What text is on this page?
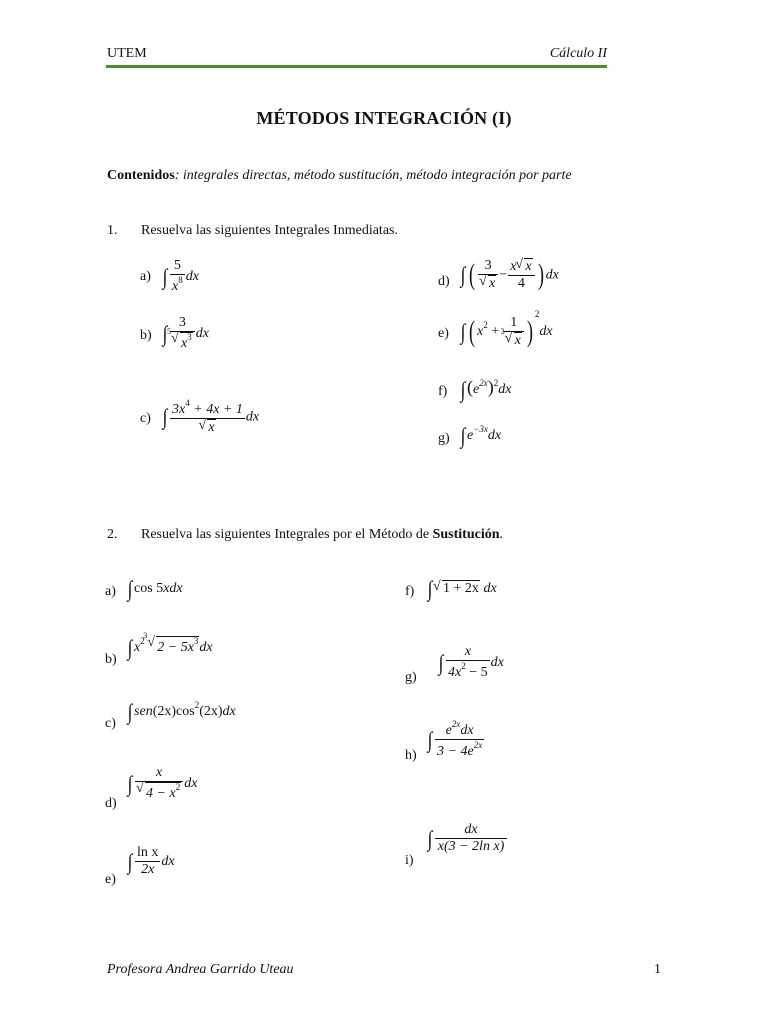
UTEM	Cálculo II
MÉTODOS INTEGRACIÓN (I)
Contenidos: integrales directas, método sustitución, método integración por parte
1. Resuelva las siguientes Integrales Inmediatas.
a) ∫ $\frac{5}{x^8}$ dx
b) ∫ 3
√ 5
$x^3$ dx
c) ∫ $3x^4 + 4x + 1$
√ x dx
d) ∫ ( 3
√ $x - \frac{x √ x}{4}$ ) dx
e) ∫ ( $x^2 + 1$
√ 3
x )$^2$dx
f) $\int(e^{2x})^2dx$
g) ∫ $e^{-3x}dx$
2. Resuelva las siguientes Integrales por el Método de Sustitución.
a) ∫ cos 5xdx
b) ∫ $x^2$
√ 3
$2 - 5x^3dx$
c) ∫ $sen(2x)\cos^2(2x)dx$
d)
∫ x
√ $4 - x^2$ dx
e)
∫ $\frac{\text{ln x}}{2x}$ dx
f) ∫ √ 1 + 2x dx
g)
∫ $\frac{x}{4x^2 - 5}$ dx
h)
∫ $\frac{e^{2x}dx}{3 - 4e^{2x}}$
i)
∫ $\frac{dx}{\text{x(3 − 2ln x)}}$
Profesora Andrea Garrido Uteau	1
